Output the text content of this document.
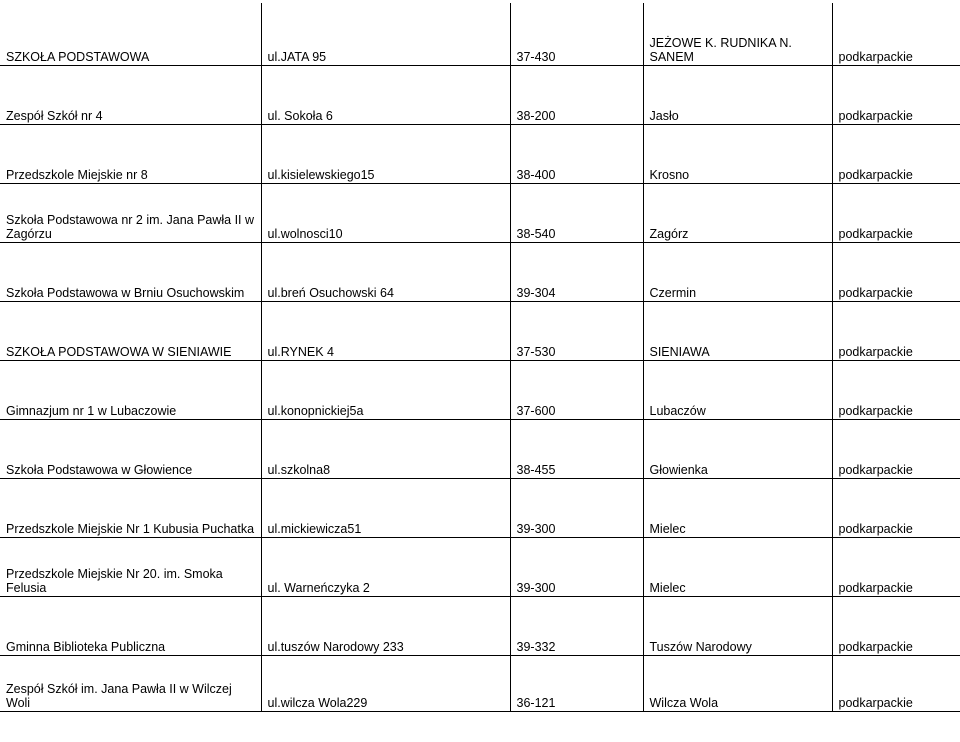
SZKOŁA PODSTAWOWA	ul.JATA 95	37-430	JEŻOWE K. RUDNIKA N. SANEM	podkarpackie

Zespół Szkół nr 4	ul. Sokoła 6	38-200	Jasło	podkarpackie

Przedszkole Miejskie nr 8	ul.kisielewskiego15	38-400	Krosno	podkarpackie

Szkoła Podstawowa nr 2 im. Jana Pawła II w Zagórzu	ul.wolnosci10	38-540	Zagórz	podkarpackie

Szkoła Podstawowa w Brniu Osuchowskim	ul.breń Osuchowski 64	39-304	Czermin	podkarpackie

SZKOŁA PODSTAWOWA W SIENIAWIE	ul.RYNEK 4	37-530	SIENIAWA	podkarpackie

Gimnazjum nr 1 w Lubaczowie	ul.konopnickiej5a	37-600	Lubaczów	podkarpackie

Szkoła Podstawowa w Głowience	ul.szkolna8	38-455	Głowienka	podkarpackie

Przedszkole Miejskie Nr 1 Kubusia Puchatka	ul.mickiewicza51	39-300	Mielec	podkarpackie

Przedszkole Miejskie Nr 20. im. Smoka Felusia	ul. Warneńczyka 2	39-300	Mielec	podkarpackie

Gminna Biblioteka Publiczna	ul.tuszów Narodowy 233	39-332	Tuszów Narodowy	podkarpackie

Zespół Szkół im. Jana Pawła II w Wilczej Woli	ul.wilcza Wola229	36-121	Wilcza Wola	podkarpackie
